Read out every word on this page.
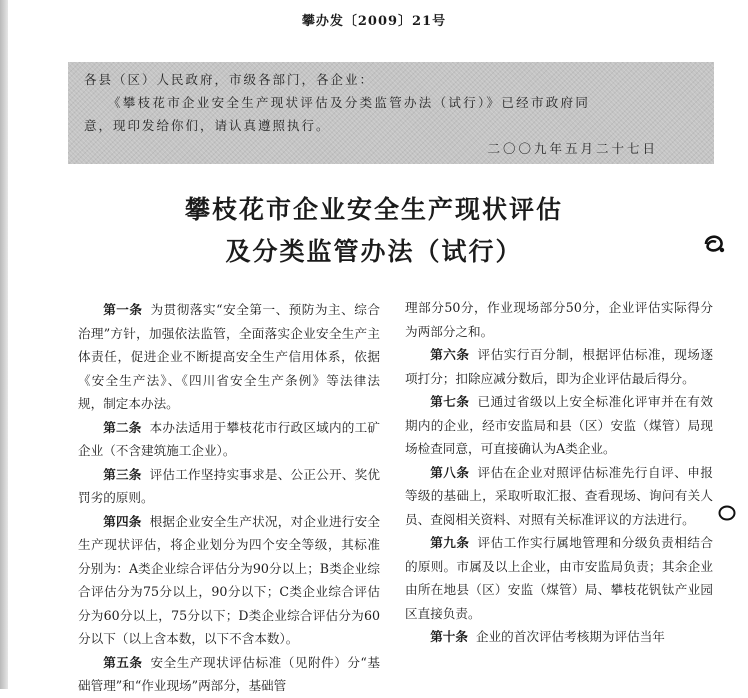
攀办发〔2009〕21号
各县（区）人民政府，市级各部门，各企业：
《攀枝花市企业安全生产现状评估及分类监管办法（试行）》已经市政府同
意，现印发给你们，请认真遵照执行。
二〇〇九年五月二十七日
攀枝花市企业安全生产现状评估
及分类监管办法（试行）

第一条 为贯彻落实“安全第一、预防为主、综合治理”方针，加强依法监管，全面落实企业安全生产主体责任，促进企业不断提高安全生产信用体系，依据《安全生产法》、《四川省安全生产条例》等法律法规，制定本办法。

第二条 本办法适用于攀枝花市行政区域内的工矿企业（不含建筑施工企业）。

第三条 评估工作坚持实事求是、公正公开、奖优罚劣的原则。

第四条 根据企业安全生产状况，对企业进行安全生产现状评估，将企业划分为四个安全等级，其标准分别为：A类企业综合评估分为90分以上；B类企业综合评估分为75分以上，90分以下；C类企业综合评估分为60分以上，75分以下；D类企业综合评估分为60分以下（以上含本数，以下不含本数）。

第五条 安全生产现状评估标准（见附件）分“基础管理”和“作业现场”两部分，基础管

理部分50分，作业现场部分50分，企业评估实际得分为两部分之和。

第六条 评估实行百分制，根据评估标准，现场逐项打分；扣除应减分数后，即为企业评估最后得分。

第七条 已通过省级以上安全标准化评审并在有效期内的企业，经市安监局和县（区）安监（煤管）局现场检查同意，可直接确认为A类企业。

第八条 评估在企业对照评估标准先行自评、申报等级的基础上，采取听取汇报、查看现场、询问有关人员、查阅相关资料、对照有关标准评议的方法进行。

第九条 评估工作实行属地管理和分级负责相结合的原则。市属及以上企业，由市安监局负责；其余企业由所在地县（区）安监（煤管）局、攀枝花钒钛产业园区直接负责。

第十条 企业的首次评估考核期为评估当年
